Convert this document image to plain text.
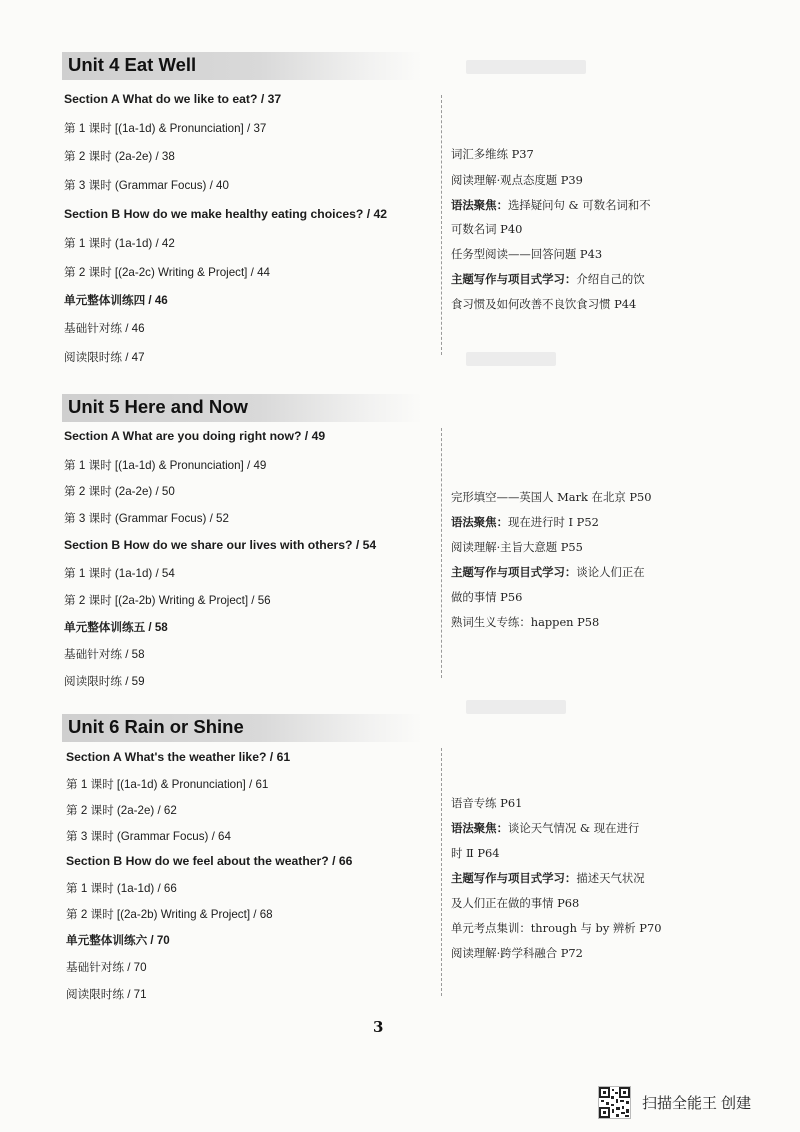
Unit 4 Eat Well
Section A What do we like to eat? / 37
第 1 课时 [(1a-1d) & Pronunciation] / 37
第 2 课时 (2a-2e) / 38
第 3 课时 (Grammar Focus) / 40
Section B How do we make healthy eating choices? / 42
第 1 课时 (1a-1d) / 42
第 2 课时 [(2a-2c) Writing & Project] / 44
单元整体训练四 / 46
基础针对练 / 46
阅读限时练 / 47
词汇多维练 P37
阅读理解·观点态度题 P39
语法聚焦：选择疑问句 & 可数名词和不
可数名词 P40
任务型阅读——回答问题 P43
主题写作与项目式学习：介绍自己的饮
食习惯及如何改善不良饮食习惯 P44
Unit 5 Here and Now
Section A What are you doing right now? / 49
第 1 课时 [(1a-1d) & Pronunciation] / 49
第 2 课时 (2a-2e) / 50
第 3 课时 (Grammar Focus) / 52
Section B How do we share our lives with others? / 54
第 1 课时 (1a-1d) / 54
第 2 课时 [(2a-2b) Writing & Project] / 56
单元整体训练五 / 58
基础针对练 / 58
阅读限时练 / 59
完形填空——英国人 Mark 在北京 P50
语法聚焦：现在进行时 Ⅰ P52
阅读理解·主旨大意题 P55
主题写作与项目式学习：谈论人们正在
做的事情 P56
熟词生义专练：happen P58
Unit 6 Rain or Shine
Section A What's the weather like? / 61
第 1 课时 [(1a-1d) & Pronunciation] / 61
第 2 课时 (2a-2e) / 62
第 3 课时 (Grammar Focus) / 64
Section B How do we feel about the weather? / 66
第 1 课时 (1a-1d) / 66
第 2 课时 [(2a-2b) Writing & Project] / 68
单元整体训练六 / 70
基础针对练 / 70
阅读限时练 / 71
语音专练 P61
语法聚焦：谈论天气情况 & 现在进行
时 Ⅱ P64
主题写作与项目式学习：描述天气状况
及人们正在做的事情 P68
单元考点集训：through 与 by 辨析 P70
阅读理解·跨学科融合 P72
3
扫描全能王 创建
